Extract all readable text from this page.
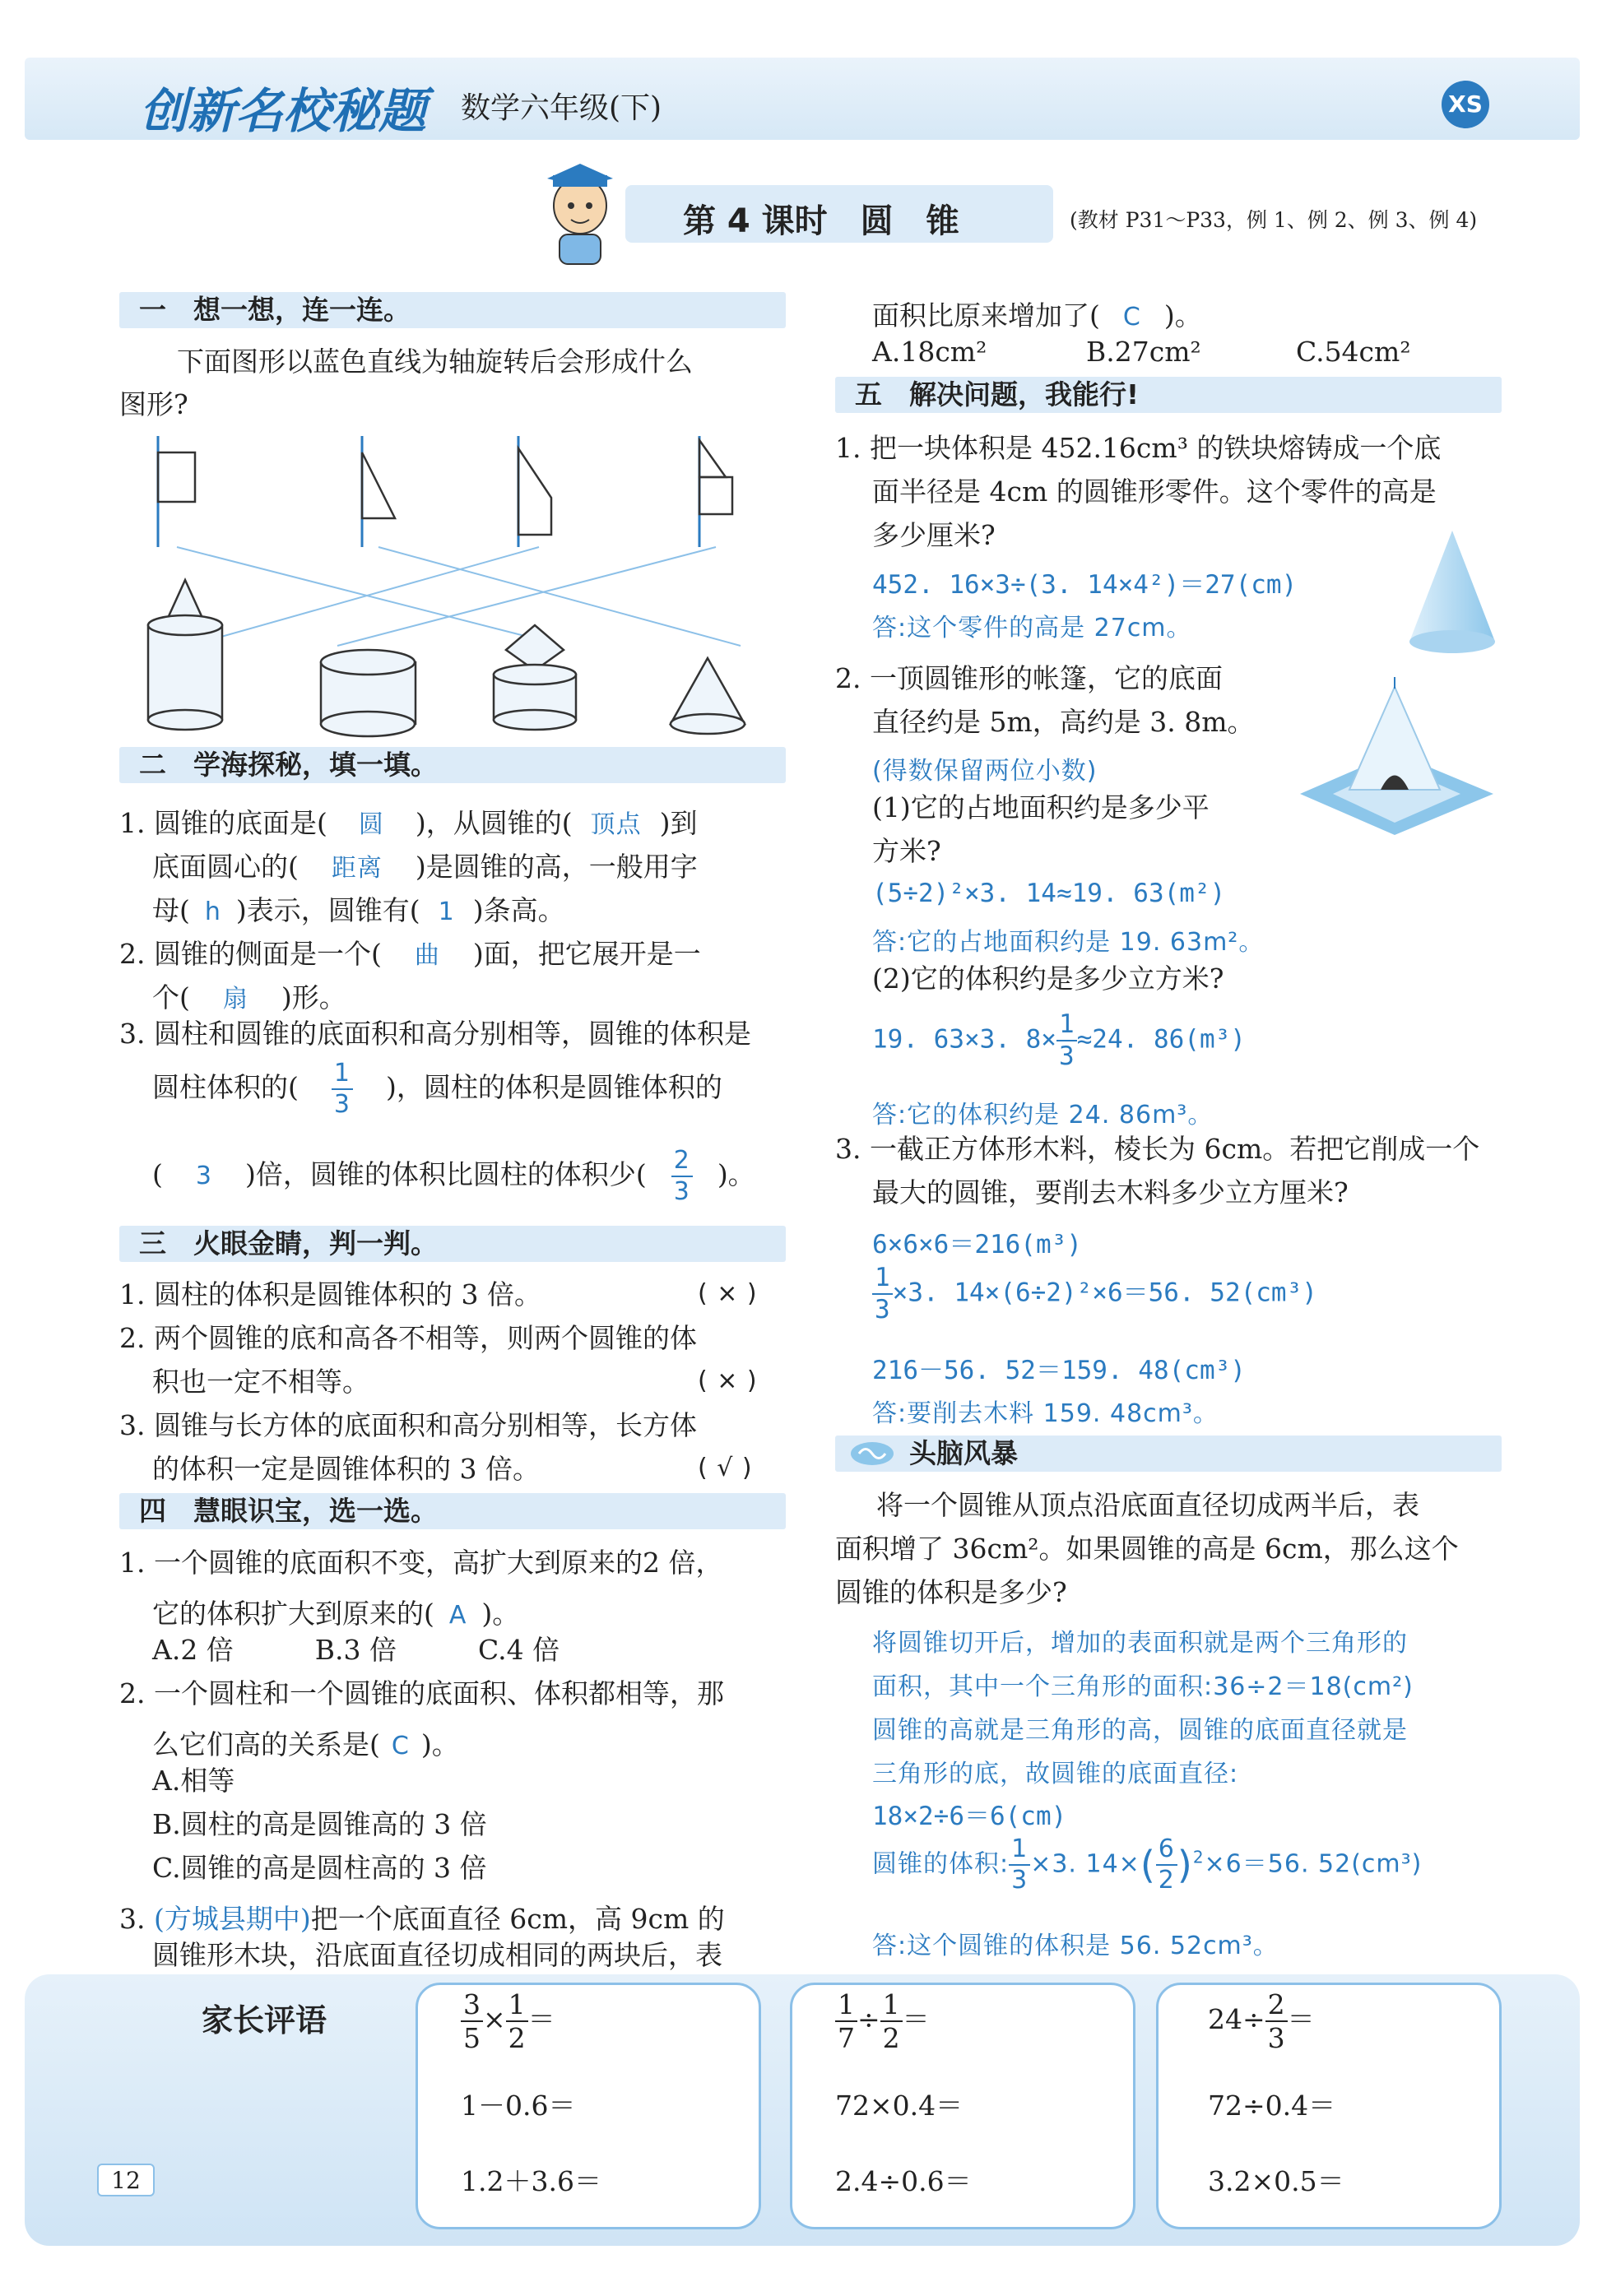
创新名校秘题 数学六年级(下)	XS
第 4 课时　圆　锥	(教材 P31～P33，例 1、例 2、例 3、例 4)
一　想一想，连一连。
下面图形以蓝色直线为轴旋转后会形成什么
图形?
二　学海探秘，填一填。
1. 圆锥的底面是( 圆 )，从圆锥的( 顶点 )到
底面圆心的( 距离 )是圆锥的高，一般用字
母( h )表示，圆锥有( 1 )条高。
2. 圆锥的侧面是一个( 曲 )面，把它展开是一
个( 扇 )形。
3. 圆柱和圆锥的底面积和高分别相等，圆锥的体积是
圆柱体积的( $\frac{1}{3}$ )，圆柱的体积是圆锥体积的
( 3 )倍，圆锥的体积比圆柱的体积少( $\frac{2}{3}$ )。
三　火眼金睛，判一判。
1. 圆柱的体积是圆锥体积的 3 倍。	( × )
2. 两个圆锥的底和高各不相等，则两个圆锥的体
积也一定不相等。	( × )
3. 圆锥与长方体的底面积和高分别相等，长方体
的体积一定是圆锥体积的 3 倍。	( √ )
四　慧眼识宝，选一选。
1. 一个圆锥的底面积不变，高扩大到原来的2 倍，
它的体积扩大到原来的( A )。
A.2 倍　　　B.3 倍　　　C.4 倍
2. 一个圆柱和一个圆锥的底面积、体积都相等，那
么它们高的关系是( C )。
A.相等
B.圆柱的高是圆锥高的 3 倍
C.圆锥的高是圆柱高的 3 倍
3. (方城县期中)把一个底面直径 6cm，高 9cm 的
圆锥形木块，沿底面直径切成相同的两块后，表
面积比原来增加了( C )。
A.18cm²	B.27cm²	C.54cm²
五　解决问题，我能行!
1. 把一块体积是 452.16cm³ 的铁块熔铸成一个底
面半径是 4cm 的圆锥形零件。这个零件的高是
多少厘米?
452. 16×3÷(3. 14×4²)＝27(cm)
答:这个零件的高是 27cm。
2. 一顶圆锥形的帐篷，它的底面
直径约是 5m，高约是 3. 8m。
(得数保留两位小数)
(1)它的占地面积约是多少平
方米?
(5÷2)²×3. 14≈19. 63(m²)
答:它的占地面积约是 19. 63m²。
(2)它的体积约是多少立方米?
19. 63×3. $8\times \frac{1}{3} \approx 24$. 86(m³)
答:它的体积约是 24. 86m³。
3. 一截正方体形木料，棱长为 6cm。若把它削成一个
最大的圆锥，要削去木料多少立方厘米?
6×6×6＝216(m³)
$\frac{1}{3} \times 3$. 14×(6÷2)²×6＝56. 52(cm³)
216－56. 52＝159. 48(cm³)
答:要削去木料 159. 48cm³。
头脑风暴
将一个圆锥从顶点沿底面直径切成两半后，表
面积增了 36cm²。如果圆锥的高是 6cm，那么这个
圆锥的体积是多少?
将圆锥切开后，增加的表面积就是两个三角形的
面积，其中一个三角形的面积:36÷2＝18(cm²)
圆锥的高就是三角形的高，圆锥的底面直径就是
三角形的底，故圆锥的底面直径:
18×2÷6＝6(cm)
圆锥的体积: $\frac{1}{3} \times 3$. $14\times( \frac{6}{2} )^2\times 6=56$. 52(cm³)
答:这个圆锥的体积是 56. 52cm³。
家长评语
12
$\frac{3}{5} \times \frac{1}{2}$ ＝
1－0.6＝
1.2＋3.6＝
$\frac{1}{7} \div \frac{1}{2}$ ＝
72×0.4＝
2.4÷0.6＝
$24\div \frac{2}{3}$ ＝
72÷0.4＝
3.2×0.5＝
